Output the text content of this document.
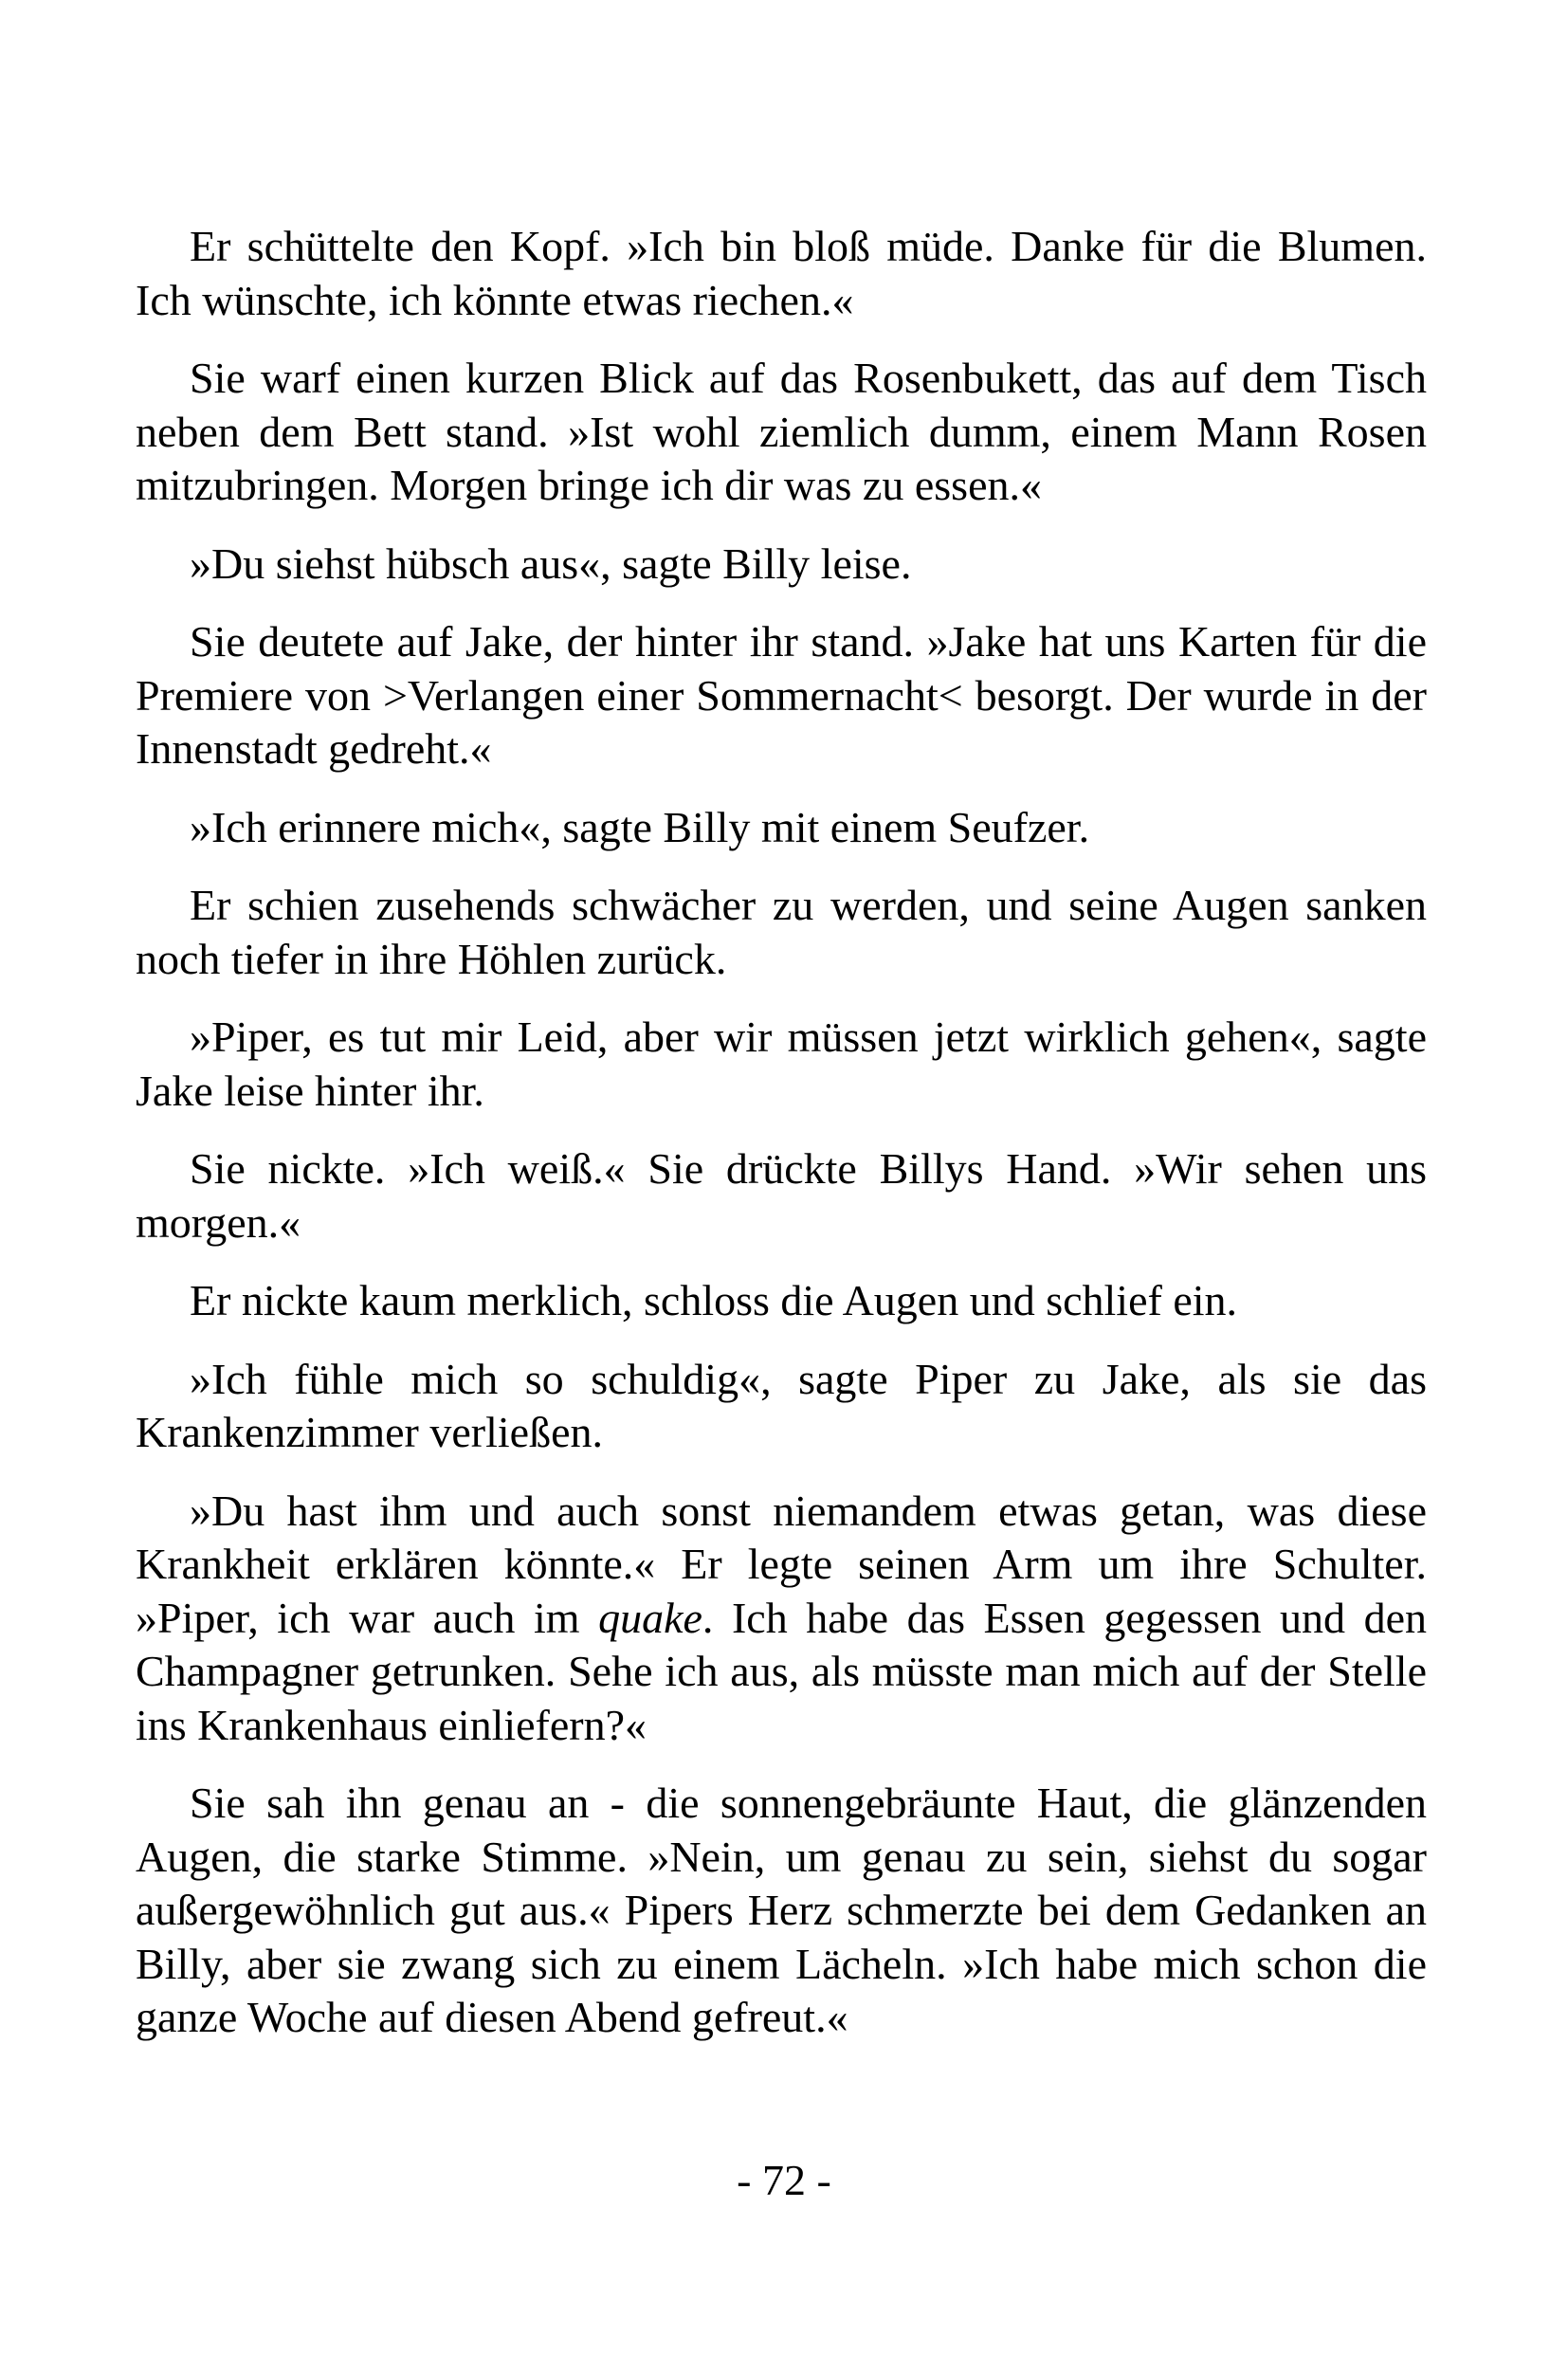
Er schüttelte den Kopf. »Ich bin bloß müde. Danke für die Blumen. Ich wünschte, ich könnte etwas riechen.«

Sie warf einen kurzen Blick auf das Rosenbukett, das auf dem Tisch neben dem Bett stand. »Ist wohl ziemlich dumm, einem Mann Rosen mitzubringen. Morgen bringe ich dir was zu essen.«

»Du siehst hübsch aus«, sagte Billy leise.

Sie deutete auf Jake, der hinter ihr stand. »Jake hat uns Karten für die Premiere von >Verlangen einer Sommernacht< besorgt. Der wurde in der Innenstadt gedreht.«

»Ich erinnere mich«, sagte Billy mit einem Seufzer.

Er schien zusehends schwächer zu werden, und seine Augen sanken noch tiefer in ihre Höhlen zurück.

»Piper, es tut mir Leid, aber wir müssen jetzt wirklich gehen«, sagte Jake leise hinter ihr.

Sie nickte. »Ich weiß.« Sie drückte Billys Hand. »Wir sehen uns morgen.«

Er nickte kaum merklich, schloss die Augen und schlief ein.

»Ich fühle mich so schuldig«, sagte Piper zu Jake, als sie das Krankenzimmer verließen.

»Du hast ihm und auch sonst niemandem etwas getan, was diese Krankheit erklären könnte.« Er legte seinen Arm um ihre Schulter. »Piper, ich war auch im quake. Ich habe das Essen gegessen und den Champagner getrunken. Sehe ich aus, als müsste man mich auf der Stelle ins Krankenhaus einliefern?«

Sie sah ihn genau an - die sonnengebräunte Haut, die glänzenden Augen, die starke Stimme. »Nein, um genau zu sein, siehst du sogar außergewöhnlich gut aus.« Pipers Herz schmerzte bei dem Gedanken an Billy, aber sie zwang sich zu einem Lächeln. »Ich habe mich schon die ganze Woche auf diesen Abend gefreut.«

- 72 -
